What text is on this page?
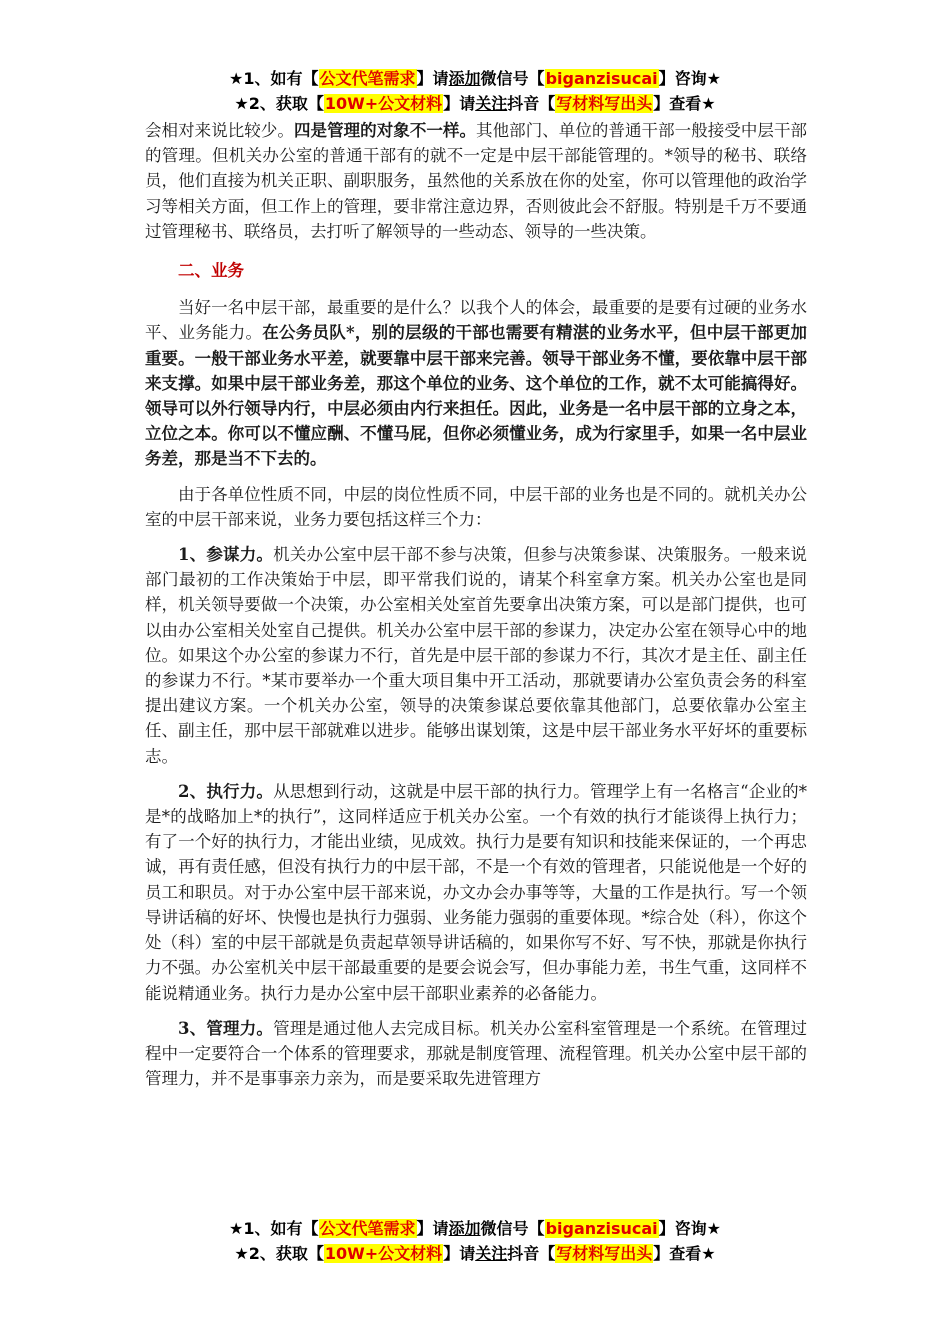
★1、如有【公文代笔需求】请添加微信号【biganzisucai】咨询★
★2、获取【10W+公文材料】请关注抖音【写材料写出头】查看★

会相对来说比较少。四是管理的对象不一样。其他部门、单位的普通干部一般接受中层干部的管理。但机关办公室的普通干部有的就不一定是中层干部能管理的。*领导的秘书、联络员，他们直接为机关正职、副职服务，虽然他的关系放在你的处室，你可以管理他的政治学习等相关方面，但工作上的管理，要非常注意边界，否则彼此会不舒服。特别是千万不要通过管理秘书、联络员，去打听了解领导的一些动态、领导的一些决策。

二、业务

当好一名中层干部，最重要的是什么？以我个人的体会，最重要的是要有过硬的业务水平、业务能力。在公务员队*，别的层级的干部也需要有精湛的业务水平，但中层干部更加重要。一般干部业务水平差，就要靠中层干部来完善。领导干部业务不懂，要依靠中层干部来支撑。如果中层干部业务差，那这个单位的业务、这个单位的工作，就不太可能搞得好。领导可以外行领导内行，中层必须由内行来担任。因此，业务是一名中层干部的立身之本，立位之本。你可以不懂应酬、不懂马屁，但你必须懂业务，成为行家里手，如果一名中层业务差，那是当不下去的。

由于各单位性质不同，中层的岗位性质不同，中层干部的业务也是不同的。就机关办公室的中层干部来说，业务力要包括这样三个力：

1、参谋力。机关办公室中层干部不参与决策，但参与决策参谋、决策服务。一般来说部门最初的工作决策始于中层，即平常我们说的，请某个科室拿方案。机关办公室也是同样，机关领导要做一个决策，办公室相关处室首先要拿出决策方案，可以是部门提供，也可以由办公室相关处室自己提供。机关办公室中层干部的参谋力，决定办公室在领导心中的地位。如果这个办公室的参谋力不行，首先是中层干部的参谋力不行，其次才是主任、副主任的参谋力不行。*某市要举办一个重大项目集中开工活动，那就要请办公室负责会务的科室提出建议方案。一个机关办公室，领导的决策参谋总要依靠其他部门，总要依靠办公室主任、副主任，那中层干部就难以进步。能够出谋划策，这是中层干部业务水平好坏的重要标志。

2、执行力。从思想到行动，这就是中层干部的执行力。管理学上有一名格言“企业的*是*的战略加上*的执行”，这同样适应于机关办公室。一个有效的执行才能谈得上执行力；有了一个好的执行力，才能出业绩，见成效。执行力是要有知识和技能来保证的，一个再忠诚，再有责任感，但没有执行力的中层干部，不是一个有效的管理者，只能说他是一个好的员工和职员。对于办公室中层干部来说，办文办会办事等等，大量的工作是执行。写一个领导讲话稿的好坏、快慢也是执行力强弱、业务能力强弱的重要体现。*综合处（科），你这个处（科）室的中层干部就是负责起草领导讲话稿的，如果你写不好、写不快，那就是你执行力不强。办公室机关中层干部最重要的是要会说会写，但办事能力差，书生气重，这同样不能说精通业务。执行力是办公室中层干部职业素养的必备能力。

3、管理力。管理是通过他人去完成目标。机关办公室科室管理是一个系统。在管理过程中一定要符合一个体系的管理要求，那就是制度管理、流程管理。机关办公室中层干部的管理力，并不是事事亲力亲为，而是要采取先进管理方

★1、如有【公文代笔需求】请添加微信号【biganzisucai】咨询★
★2、获取【10W+公文材料】请关注抖音【写材料写出头】查看★
